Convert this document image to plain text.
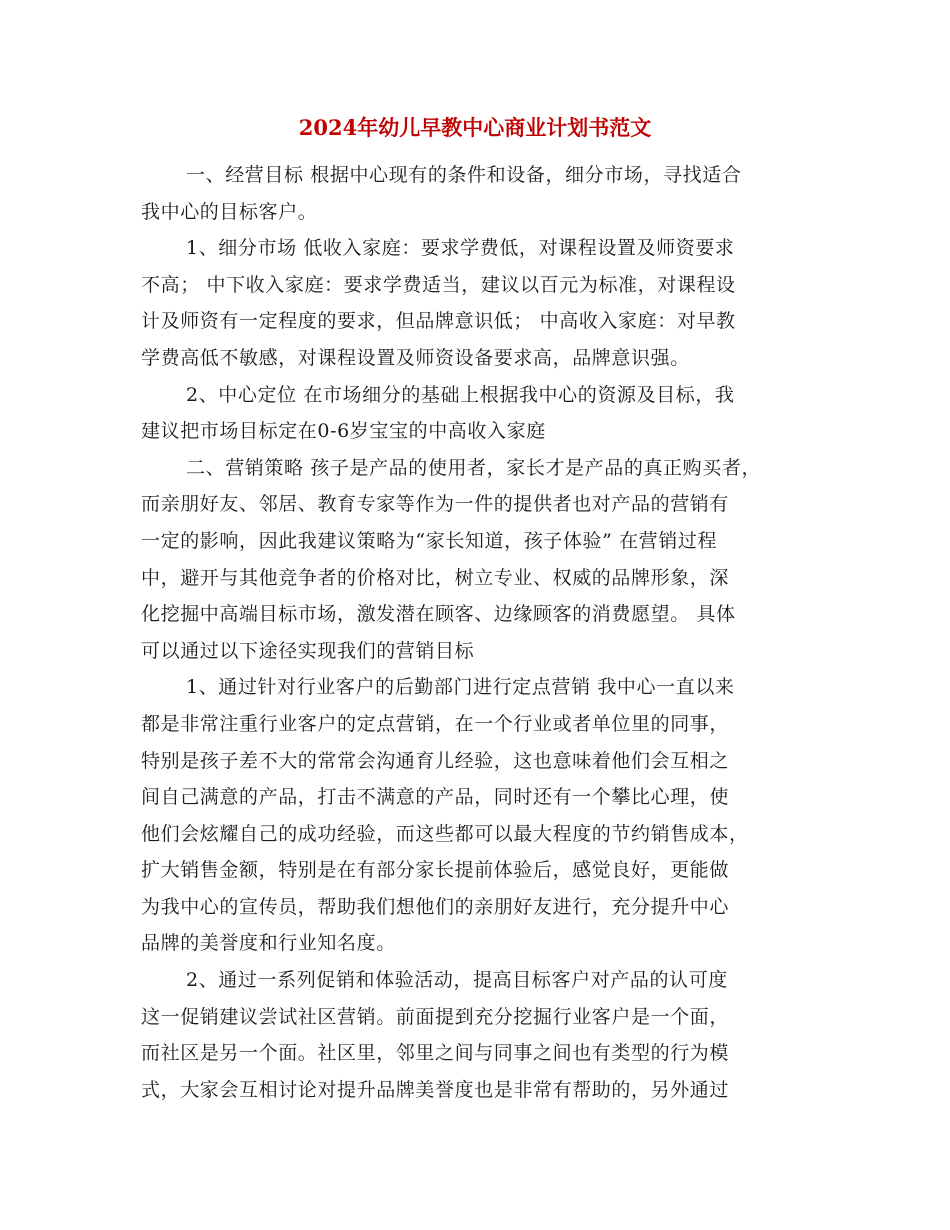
2024年幼儿早教中心商业计划书范文
一、经营目标 根据中心现有的条件和设备，细分市场，寻找适合
我中心的目标客户。
1、细分市场 低收入家庭：要求学费低，对课程设置及师资要求
不高； 中下收入家庭：要求学费适当，建议以百元为标准，对课程设
计及师资有一定程度的要求，但品牌意识低； 中高收入家庭：对早教
学费高低不敏感，对课程设置及师资设备要求高，品牌意识强。
2、中心定位 在市场细分的基础上根据我中心的资源及目标，我
建议把市场目标定在0-6岁宝宝的中高收入家庭
二、营销策略 孩子是产品的使用者，家长才是产品的真正购买者，
而亲朋好友、邻居、教育专家等作为一件的提供者也对产品的营销有
一定的影响，因此我建议策略为“家长知道，孩子体验” 在营销过程
中，避开与其他竞争者的价格对比，树立专业、权威的品牌形象，深
化挖掘中高端目标市场，激发潜在顾客、边缘顾客的消费愿望。 具体
可以通过以下途径实现我们的营销目标
1、通过针对行业客户的后勤部门进行定点营销 我中心一直以来
都是非常注重行业客户的定点营销，在一个行业或者单位里的同事，
特别是孩子差不大的常常会沟通育儿经验，这也意味着他们会互相之
间自己满意的产品，打击不满意的产品，同时还有一个攀比心理，使
他们会炫耀自己的成功经验，而这些都可以最大程度的节约销售成本，
扩大销售金额，特别是在有部分家长提前体验后，感觉良好，更能做
为我中心的宣传员，帮助我们想他们的亲朋好友进行，充分提升中心
品牌的美誉度和行业知名度。
2、通过一系列促销和体验活动，提高目标客户对产品的认可度
这一促销建议尝试社区营销。前面提到充分挖掘行业客户是一个面，
而社区是另一个面。社区里，邻里之间与同事之间也有类型的行为模
式，大家会互相讨论对提升品牌美誉度也是非常有帮助的，另外通过
